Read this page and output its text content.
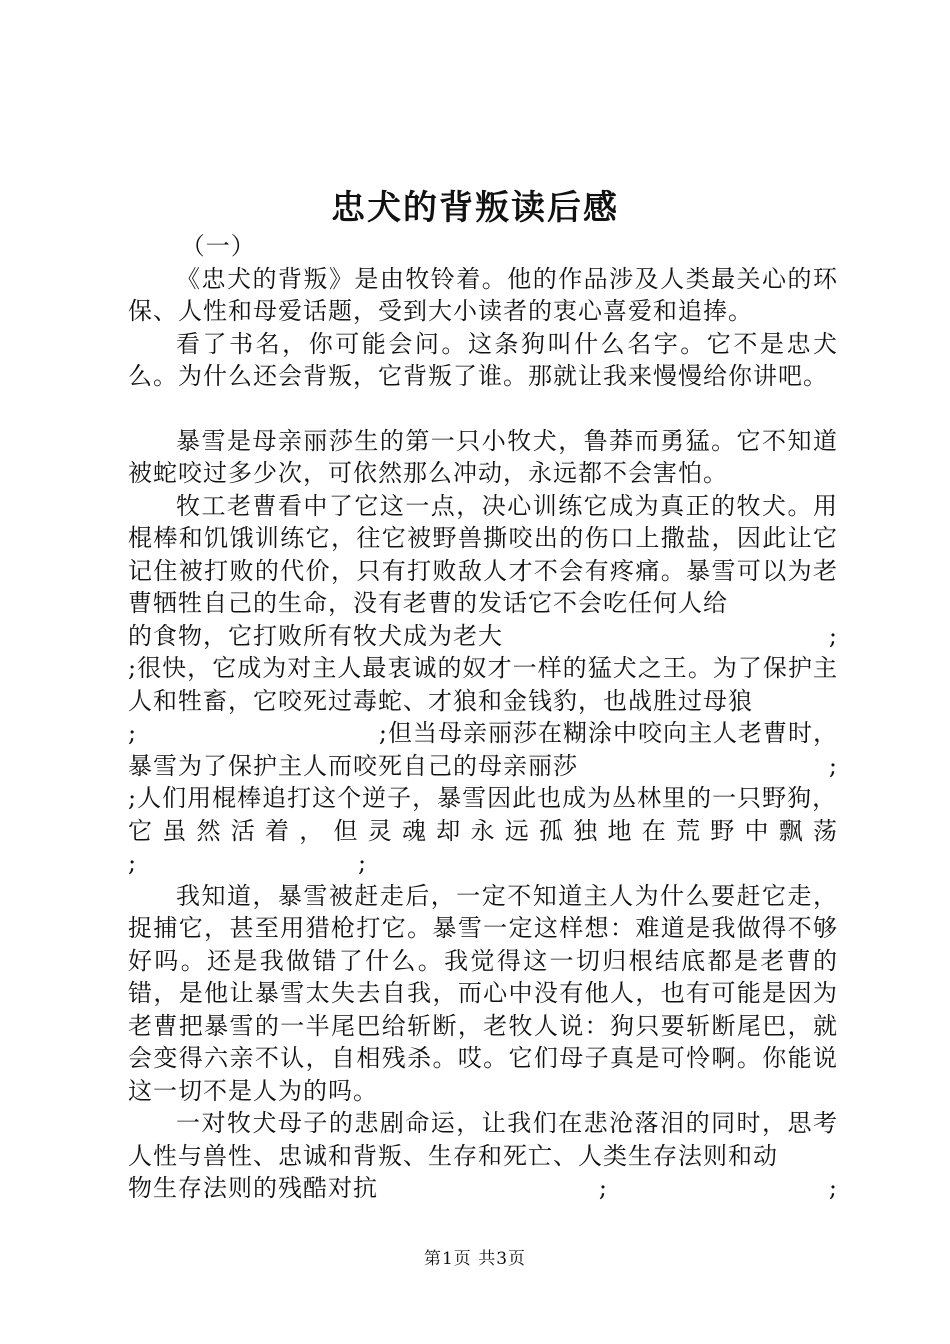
忠犬的背叛读后感

（一）

《忠犬的背叛》是由牧铃着。他的作品涉及人类最关心的环保、人性和母爱话题，受到大小读者的衷心喜爱和追捧。

看了书名，你可能会问。这条狗叫什么名字。它不是忠犬么。为什么还会背叛，它背叛了谁。那就让我来慢慢给你讲吧。

暴雪是母亲丽莎生的第一只小牧犬，鲁莽而勇猛。它不知道被蛇咬过多少次，可依然那么冲动，永远都不会害怕。

牧工老曹看中了它这一点，决心训练它成为真正的牧犬。用棍棒和饥饿训练它，往它被野兽撕咬出的伤口上撒盐，因此让它记住被打败的代价，只有打败敌人才不会有疼痛。暴雪可以为老曹牺牲自己的生命，没有老曹的发话它不会吃任何人给
的食物，它打败所有牧犬成为老大	;
;很快，它成为对主人最衷诚的奴才一样的猛犬之王。为了保护主人和牲畜，它咬死过毒蛇、才狼和金钱豹，也战胜过母狼
;	;但当母亲丽莎在糊涂中咬向主人老曹时，
暴雪为了保护主人而咬死自己的母亲丽莎	;
;人们用棍棒追打这个逆子，暴雪因此也成为丛林里的一只野狗，
它虽然活着，但灵魂却永远孤独地在荒野中飘荡
;	;

我知道，暴雪被赶走后，一定不知道主人为什么要赶它走，捉捕它，甚至用猎枪打它。暴雪一定这样想：难道是我做得不够好吗。还是我做错了什么。我觉得这一切归根结底都是老曹的错，是他让暴雪太失去自我，而心中没有他人，也有可能是因为老曹把暴雪的一半尾巴给斩断，老牧人说：狗只要斩断尾巴，就会变得六亲不认，自相残杀。哎。它们母子真是可怜啊。你能说这一切不是人为的吗。

一对牧犬母子的悲剧命运，让我们在悲沧落泪的同时，思考人性与兽性、忠诚和背叛、生存和死亡、人类生存法则和动
物生存法则的残酷对抗	;	;

第1页 共3页
